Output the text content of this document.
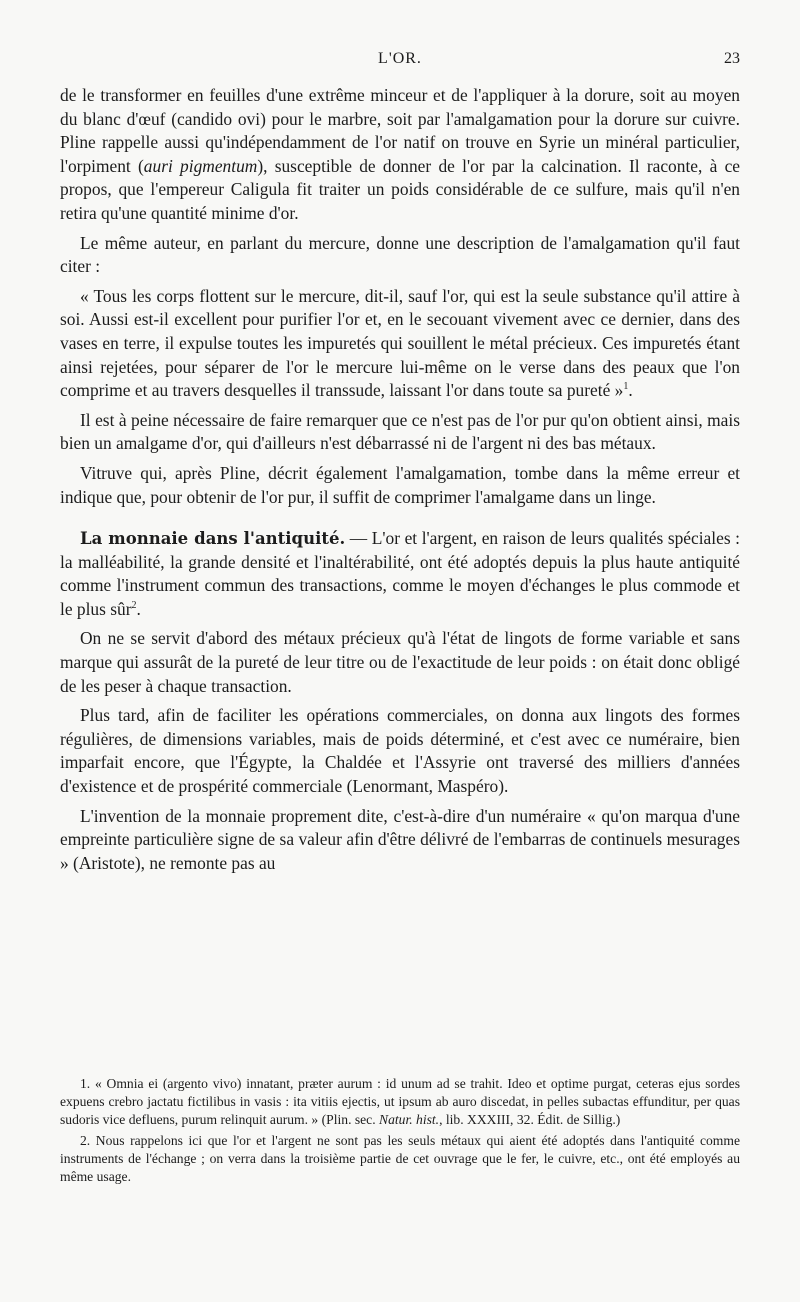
L'OR.	23

de le transformer en feuilles d'une extrême minceur et de l'appliquer à la dorure, soit au moyen du blanc d'œuf (candido ovi) pour le marbre, soit par l'amalgamation pour la dorure sur cuivre. Pline rappelle aussi qu'indépendamment de l'or natif on trouve en Syrie un minéral particulier, l'orpiment (auri pigmentum), susceptible de donner de l'or par la calcination. Il raconte, à ce propos, que l'empereur Caligula fit traiter un poids considérable de ce sulfure, mais qu'il n'en retira qu'une quantité minime d'or.

Le même auteur, en parlant du mercure, donne une description de l'amalgamation qu'il faut citer :

« Tous les corps flottent sur le mercure, dit-il, sauf l'or, qui est la seule substance qu'il attire à soi. Aussi est-il excellent pour purifier l'or et, en le secouant vivement avec ce dernier, dans des vases en terre, il expulse toutes les impuretés qui souillent le métal précieux. Ces impuretés étant ainsi rejetées, pour séparer de l'or le mercure lui-même on le verse dans des peaux que l'on comprime et au travers desquelles il transsude, laissant l'or dans toute sa pureté »$^1$.

Il est à peine nécessaire de faire remarquer que ce n'est pas de l'or pur qu'on obtient ainsi, mais bien un amalgame d'or, qui d'ailleurs n'est débarrassé ni de l'argent ni des bas métaux.

Vitruve qui, après Pline, décrit également l'amalgamation, tombe dans la même erreur et indique que, pour obtenir de l'or pur, il suffit de comprimer l'amalgame dans un linge.

La monnaie dans l'antiquité. — L'or et l'argent, en raison de leurs qualités spéciales : la malléabilité, la grande densité et l'inaltérabilité, ont été adoptés depuis la plus haute antiquité comme l'instrument commun des transactions, comme le moyen d'échanges le plus commode et le plus sûr$^2$.

On ne se servit d'abord des métaux précieux qu'à l'état de lingots de forme variable et sans marque qui assurât de la pureté de leur titre ou de l'exactitude de leur poids : on était donc obligé de les peser à chaque transaction.

Plus tard, afin de faciliter les opérations commerciales, on donna aux lingots des formes régulières, de dimensions variables, mais de poids déterminé, et c'est avec ce numéraire, bien imparfait encore, que l'Égypte, la Chaldée et l'Assyrie ont traversé des milliers d'années d'existence et de prospérité commerciale (Lenormant, Maspéro).

L'invention de la monnaie proprement dite, c'est-à-dire d'un numéraire « qu'on marqua d'une empreinte particulière signe de sa valeur afin d'être délivré de l'embarras de continuels mesurages » (Aristote), ne remonte pas au

1. « Omnia ei (argento vivo) innatant, præter aurum : id unum ad se trahit. Ideo et optime purgat, ceteras ejus sordes expuens crebro jactatu fictilibus in vasis : ita vitiis ejectis, ut ipsum ab auro discedat, in pelles subactas effunditur, per quas sudoris vice defluens, purum relinquit aurum. » (Plin. sec. Natur. hist., lib. XXXIII, 32. Édit. de Sillig.)

2. Nous rappelons ici que l'or et l'argent ne sont pas les seuls métaux qui aient été adoptés dans l'antiquité comme instruments de l'échange ; on verra dans la troisième partie de cet ouvrage que le fer, le cuivre, etc., ont été employés au même usage.
